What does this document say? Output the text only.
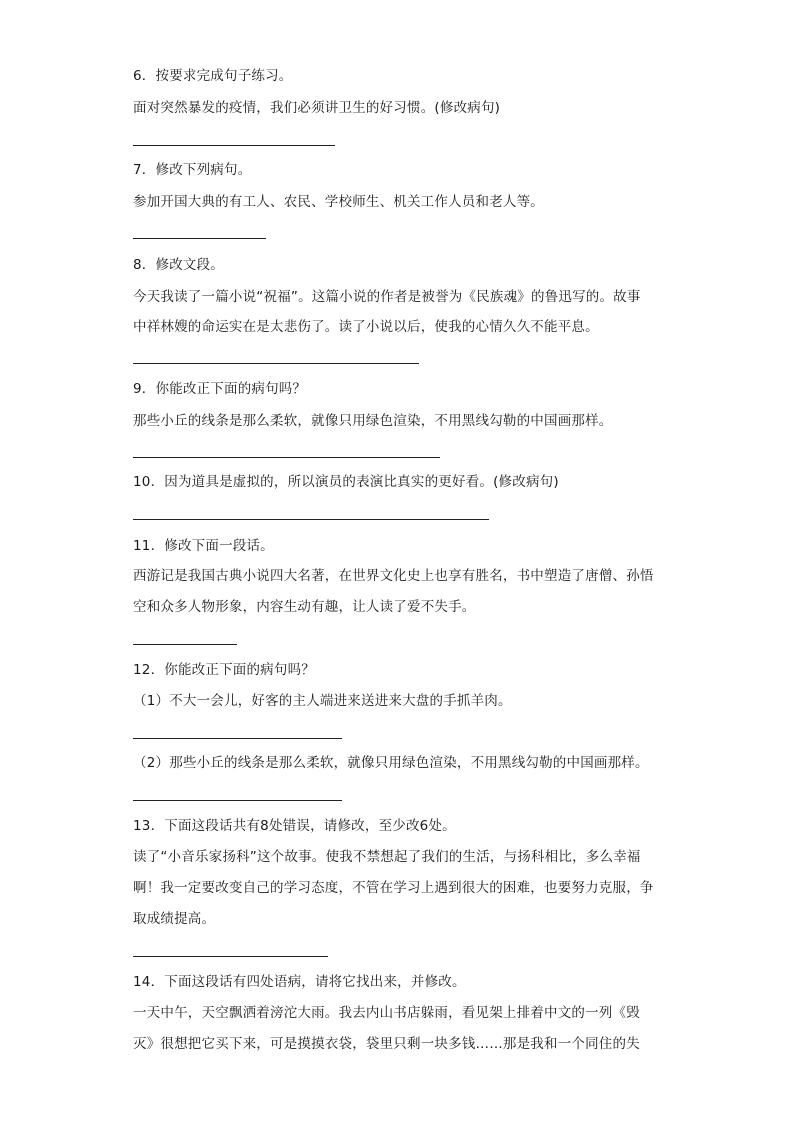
6．按要求完成句子练习。
面对突然暴发的疫情，我们必须讲卫生的好习惯。(修改病句)
7．修改下列病句。
参加开国大典的有工人、农民、学校师生、机关工作人员和老人等。
8．修改文段。
今天我读了一篇小说“祝福”。这篇小说的作者是被誉为《民族魂》的鲁迅写的。故事
中祥林嫂的命运实在是太悲伤了。读了小说以后，使我的心情久久不能平息。
9．你能改正下面的病句吗？
那些小丘的线条是那么柔软，就像只用绿色渲染，不用黑线勾勒的中国画那样。
10．因为道具是虚拟的，所以演员的表演比真实的更好看。(修改病句)
11．修改下面一段话。
西游记是我国古典小说四大名著，在世界文化史上也享有胜名，书中塑造了唐僧、孙悟
空和众多人物形象，内容生动有趣，让人读了爱不失手。
12．你能改正下面的病句吗？
（1）不大一会儿，好客的主人端进来送进来大盘的手抓羊肉。
（2）那些小丘的线条是那么柔软，就像只用绿色渲染，不用黑线勾勒的中国画那样。
13．下面这段话共有8处错误，请修改，至少改6处。
读了“小音乐家扬科”这个故事。使我不禁想起了我们的生活，与扬科相比，多么幸福
啊！我一定要改变自己的学习态度，不管在学习上遇到很大的困难，也要努力克服，争
取成绩提高。
14．下面这段话有四处语病，请将它找出来，并修改。
一天中午，天空飘洒着滂沱大雨。我去内山书店躲雨，看见架上排着中文的一列《毁
灭》很想把它买下来，可是摸摸衣袋，袋里只剩一块多钱……那是我和一个同住的失
